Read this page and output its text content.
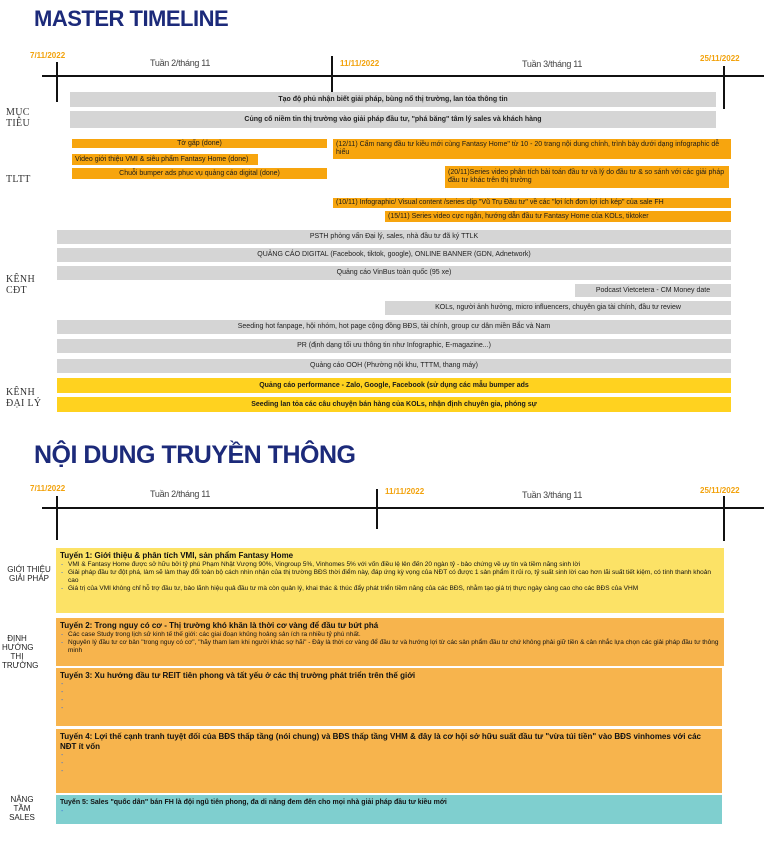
MASTER TIMELINE
7/11/2022
Tuần 2/tháng 11	11/11/2022	Tuần 3/tháng 11
25/11/2022
MỤC
TIÊU
TLTT
KÊNH
CĐT
KÊNH
ĐẠI LÝ
Tạo độ phủ nhận biết giải pháp, bùng nổ thị trường, lan tỏa thông tin
Củng cố niềm tin thị trường vào giải pháp đầu tư, "phá băng" tâm lý sales và khách hàng
Tờ gấp (done)
Video giới thiệu VMI & siêu phẩm Fantasy Home (done)
Chuỗi bumper ads phục vụ quảng cáo digital (done)
(12/11) Cẩm nang đầu tư kiều mới cùng Fantasy Home" từ 10 - 20 trang nội dung chính, trình bày dưới dạng infographic dễ hiểu
(20/11)Series video phân tích bài toán đầu tư và lý do đầu tư & so sánh với các giải pháp đầu tư khác trên thị trường
(10/11) Infographic/ Visual content /series clip "Vũ Trụ Đầu tư" về các "lợi ích đơn lợi ích kép" của sale FH
(15/11) Series video cực ngắn, hướng dẫn đầu tư Fantasy Home của KOLs, tiktoker
PSTH phỏng vấn Đại lý, sales, nhà đầu tư đã ký TTLK
QUẢNG CÁO DIGITAL (Facebook, tiktok, google), ONLINE BANNER (GDN, Adnetwork)
Quảng cáo VinBus toàn quốc (95 xe)
Podcast Vietcetera - CM Money date
KOLs, người ảnh hưởng, micro influencers, chuyên gia tài chính, đầu tư review
Seeding hot fanpage, hội nhóm, hot page cộng đồng BĐS, tài chính, group cư dân miền Bắc và Nam
PR (định dạng tối ưu thông tin như Infographic, E-magazine...)
Quảng cáo OOH (Phường nội khu, TTTM, thang máy)
Quảng cáo performance - Zalo, Google, Facebook (sử dụng các mẫu bumper ads
Seeding lan tỏa các câu chuyện bán hàng của KOLs, nhận định chuyên gia, phóng sự
NỘI DUNG TRUYỀN THÔNG
7/11/2022
Tuần 2/tháng 11	11/11/2022	Tuần 3/tháng 11	25/11/2022
GIỚI THIỆU
GIẢI PHÁP
ĐỊNH
HƯỚNG
THỊ
TRƯỜNG
NÂNG
TẦM
SALES
Tuyến 1: Giới thiệu & phân tích VMI, sản phẩm Fantasy Home
- VMI & Fantasy Home được sở hữu bởi tỷ phú Phạm Nhật Vượng 90%, Vingroup 5%, Vinhomes 5% với vốn điều lệ lên đến 20 ngàn tỷ - bảo chứng về uy tín và tiềm năng sinh lời
- Giải pháp đầu tư đột phá, làm sẽ làm thay đổi toàn bộ cách nhìn nhận của thị trường BĐS thời điểm này, đáp ứng kỳ vọng của NĐT có được 1 sản phẩm ít rủi ro, tỷ suất sinh lời cao hơn lãi suất tiết kiệm, có tính thanh khoản cao
- Giá trị của VMI không chỉ hỗ trợ đầu tư, bảo lãnh hiệu quả đầu tư mà còn quản lý, khai thác & thúc đẩy phát triển tiềm năng của các BĐS, nhằm tạo giá trị thực ngày càng cao cho các BĐS của VHM
Tuyến 2: Trong nguy có cơ - Thị trường khó khăn là thời cơ vàng để đầu tư bứt phá
- Các case Study trong lịch sử kinh tế thế giới: các giai đoạn khủng hoảng sản ích ra nhiều tỷ phú nhất.
- Nguyên lý đầu tư cơ bản "trong nguy có cơ", "hãy tham lam khi người khác sợ hãi" - Đây là thời cơ vàng để đầu tư và hướng lợi từ các sản phẩm đầu tư chứ không phải giữ tiền & cân nhắc lựa chọn các giải pháp đầu tư thông minh
Tuyến 3: Xu hướng đầu tư REIT tiên phong và tất yếu ở các thị trường phát triển trên thế giới
-
-
-
-
Tuyến 4: Lợi thế cạnh tranh tuyệt đối của BĐS thấp tầng (nói chung) và BĐS thấp tầng VHM & đây là cơ hội sở hữu suất đầu tư "vừa túi tiền" vào BĐS vinhomes với các NĐT ít vốn
-
-
-
Tuyến 5: Sales "quốc dân" bán FH là đội ngũ tiên phong, đa di năng đem đến cho mọi nhà giải pháp đầu tư kiều mới
-
